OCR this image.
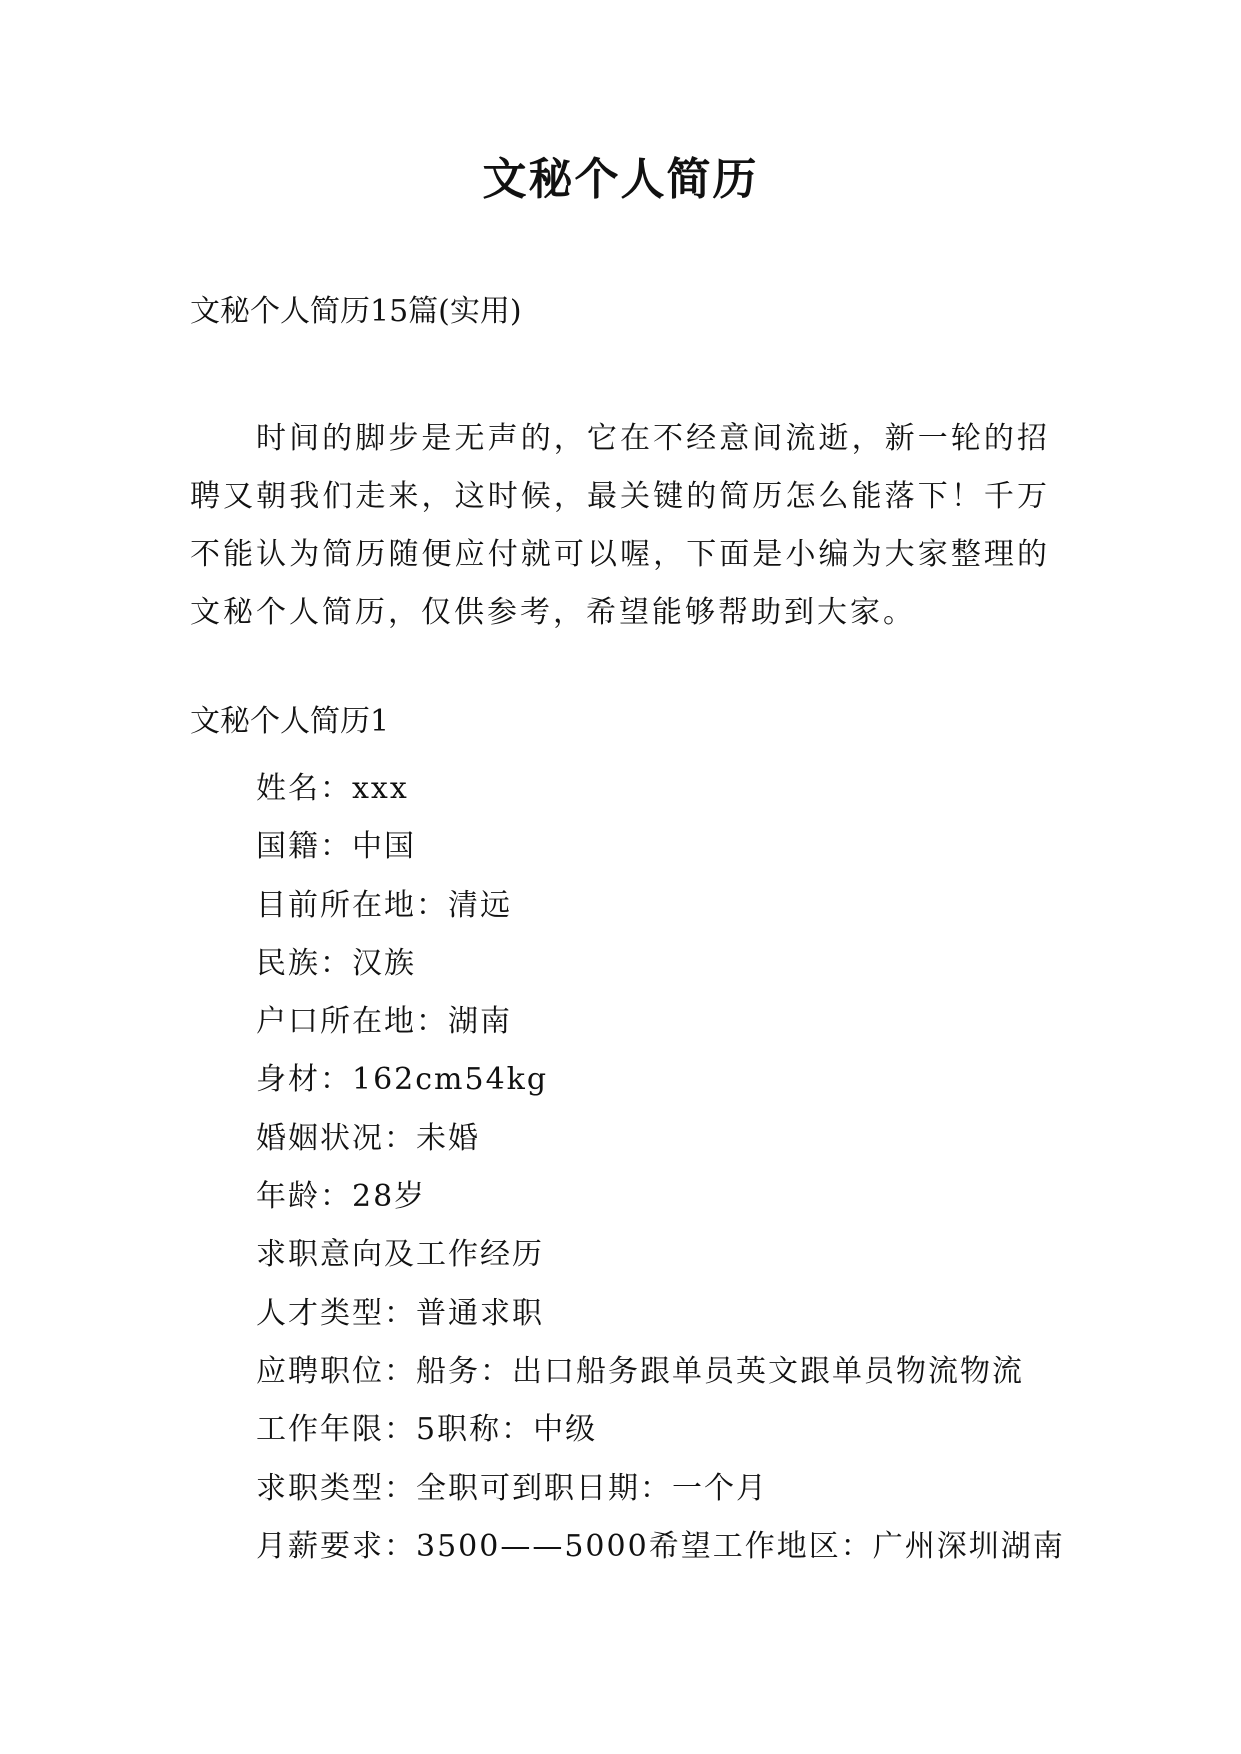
文秘个人简历
文秘个人简历15篇(实用)

时间的脚步是无声的，它在不经意间流逝，新一轮的招聘又朝我们走来，这时候，最关键的简历怎么能落下！千万不能认为简历随便应付就可以喔，下面是小编为大家整理的文秘个人简历，仅供参考，希望能够帮助到大家。

文秘个人简历1
姓名：xxx
国籍：中国
目前所在地：清远
民族：汉族
户口所在地：湖南
身材：162cm54kg
婚姻状况：未婚
年龄：28岁
求职意向及工作经历
人才类型：普通求职
应聘职位：船务：出口船务跟单员英文跟单员物流物流
工作年限：5职称：中级
求职类型：全职可到职日期：一个月
月薪要求：3500——5000希望工作地区：广州深圳湖南
